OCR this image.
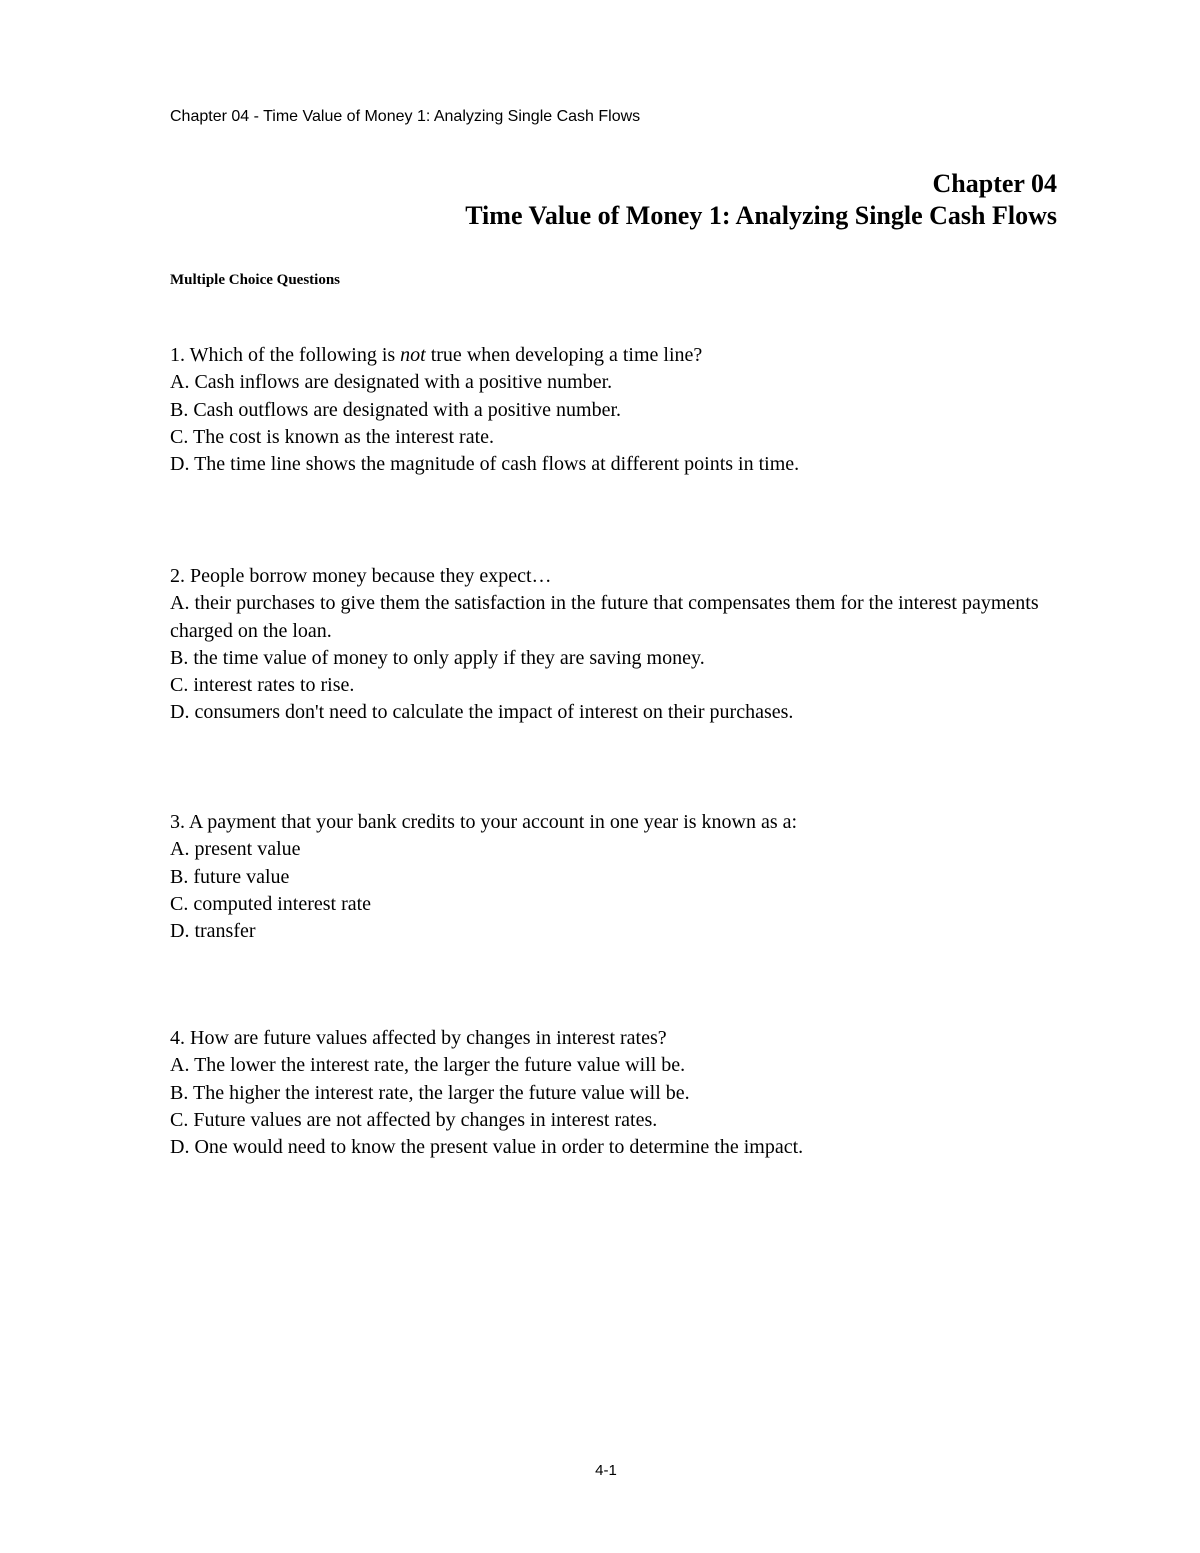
Chapter 04 - Time Value of Money 1: Analyzing Single Cash Flows
Chapter 04
Time Value of Money 1: Analyzing Single Cash Flows
Multiple Choice Questions
1. Which of the following is not true when developing a time line?
A. Cash inflows are designated with a positive number.
B. Cash outflows are designated with a positive number.
C. The cost is known as the interest rate.
D. The time line shows the magnitude of cash flows at different points in time.
2. People borrow money because they expect…
A. their purchases to give them the satisfaction in the future that compensates them for the interest payments charged on the loan.
B. the time value of money to only apply if they are saving money.
C. interest rates to rise.
D. consumers don't need to calculate the impact of interest on their purchases.
3. A payment that your bank credits to your account in one year is known as a:
A. present value
B. future value
C. computed interest rate
D. transfer
4. How are future values affected by changes in interest rates?
A. The lower the interest rate, the larger the future value will be.
B. The higher the interest rate, the larger the future value will be.
C. Future values are not affected by changes in interest rates.
D. One would need to know the present value in order to determine the impact.
4-1
